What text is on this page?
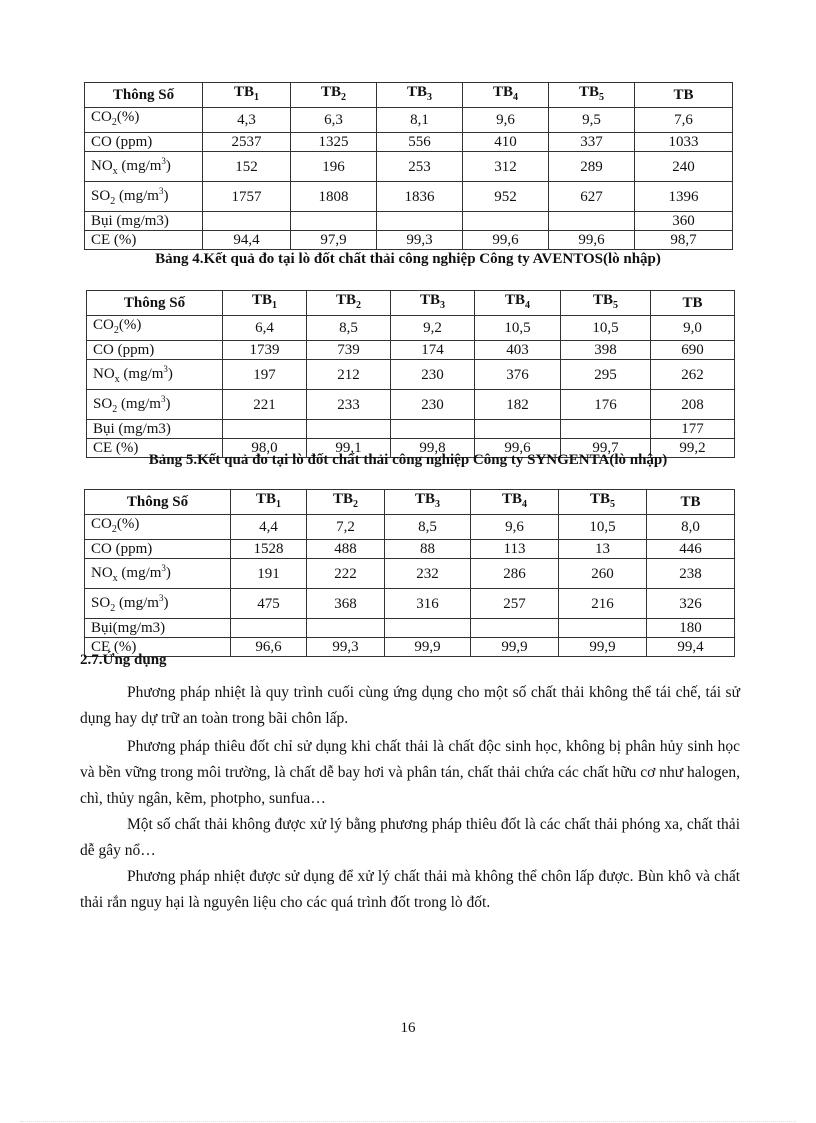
Thông Số	$TB_1$	$TB_2$	$TB_3$	$TB_4$	$TB_5$	TB
$CO_2(\%)$	4,3	6,3	8,1	9,6	9,5	7,6
CO (ppm)	2537	1325	556	410	337	1033
$NO_x$ $(mg/m^3)$	152	196	253	312	289	240
$SO_2$ $(mg/m^3)$	1757	1808	1836	952	627	1396
Bụi (mg/m3)						360
CE (%)	94,4	97,9	99,3	99,6	99,6	98,7
Bảng 4.Kết quả đo tại lò đốt chất thải công nghiệp Công ty AVENTOS(lò nhập)
Thông Số	$TB_1$	$TB_2$	$TB_3$	$TB_4$	$TB_5$	TB
$CO_2(\%)$	6,4	8,5	9,2	10,5	10,5	9,0
CO (ppm)	1739	739	174	403	398	690
$NO_x$ $(mg/m^3)$	197	212	230	376	295	262
$SO_2$ $(mg/m^3)$	221	233	230	182	176	208
Bụi (mg/m3)						177
CE (%)	98,0	99,1	99,8	99,6	99,7	99,2
Bảng 5.Kết quả đo tại lò đốt chất thải công nghiệp Công ty SYNGENTA(lò nhập)
Thông Số	$TB_1$	$TB_2$	$TB_3$	$TB_4$	$TB_5$	TB
$CO_2(\%)$	4,4	7,2	8,5	9,6	10,5	8,0
CO (ppm)	1528	488	88	113	13	446
$NO_x$ $(mg/m^3)$	191	222	232	286	260	238
$SO_2$ $(mg/m^3)$	475	368	316	257	216	326
Bụi(mg/m3)						180
CE (%)	96,6	99,3	99,9	99,9	99,9	99,4
2.7.Ứng dụng

Phương pháp nhiệt là quy trình cuối cùng ứng dụng cho một số chất thải không thể tái chế, tái sử dụng hay dự trữ an toàn trong bãi chôn lấp.

Phương pháp thiêu đốt chỉ sử dụng khi chất thải là chất độc sinh học, không bị phân hủy sinh học và bền vững trong môi trường, là chất dễ bay hơi và phân tán, chất thải chứa các chất hữu cơ như halogen, chì, thủy ngân, kẽm, photpho, sunfua…

Một số chất thải không được xử lý bằng phương pháp thiêu đốt là các chất thải phóng xa, chất thải dễ gây nổ…

Phương pháp nhiệt được sử dụng để xử lý chất thải mà không thể chôn lấp được. Bùn khô và chất thải rắn nguy hại là nguyên liệu cho các quá trình đốt trong lò đốt.

16
